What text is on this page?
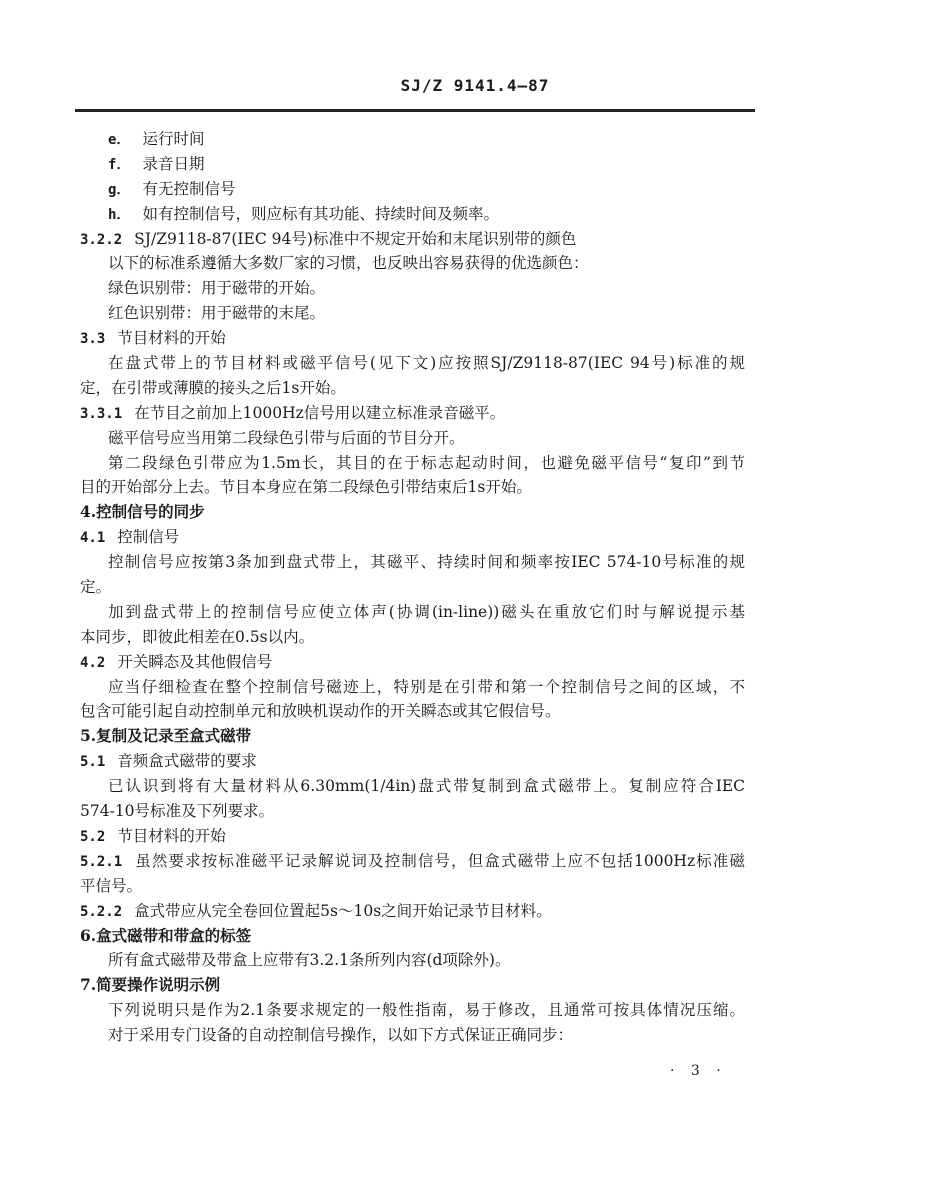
SJ/Z 9141.4—87
e． 运行时间
f． 录音日期
g． 有无控制信号
h． 如有控制信号，则应标有其功能、持续时间及频率。
3.2.2 SJ/Z9118-87(IEC 94号)标准中不规定开始和末尾识别带的颜色
以下的标准系遵循大多数厂家的习惯，也反映出容易获得的优选颜色：
绿色识别带：用于磁带的开始。
红色识别带：用于磁带的末尾。
3.3 节目材料的开始
在盘式带上的节目材料或磁平信号(见下文)应按照SJ/Z9118-87(IEC 94号)标准的规
定，在引带或薄膜的接头之后1s开始。
3.3.1 在节目之前加上1000Hz信号用以建立标准录音磁平。
磁平信号应当用第二段绿色引带与后面的节目分开。
第二段绿色引带应为1.5m长，其目的在于标志起动时间，也避免磁平信号“复印”到节
目的开始部分上去。节目本身应在第二段绿色引带结束后1s开始。
4.控制信号的同步
4.1 控制信号
控制信号应按第3条加到盘式带上，其磁平、持续时间和频率按IEC 574-10号标准的规
定。
加到盘式带上的控制信号应使立体声(协调(in-line))磁头在重放它们时与解说提示基
本同步，即彼此相差在0.5s以内。
4.2 开关瞬态及其他假信号
应当仔细检查在整个控制信号磁迹上，特别是在引带和第一个控制信号之间的区域，不
包含可能引起自动控制单元和放映机误动作的开关瞬态或其它假信号。
5.复制及记录至盒式磁带
5.1 音频盒式磁带的要求
已认识到将有大量材料从6.30mm(1/4in)盘式带复制到盒式磁带上。复制应符合IEC
574-10号标准及下列要求。
5.2 节目材料的开始
5.2.1 虽然要求按标准磁平记录解说词及控制信号，但盒式磁带上应不包括1000Hz标准磁
平信号。
5.2.2 盒式带应从完全卷回位置起5s～10s之间开始记录节目材料。
6.盒式磁带和带盒的标签
所有盒式磁带及带盒上应带有3.2.1条所列内容(d项除外)。
7.简要操作说明示例
下列说明只是作为2.1条要求规定的一般性指南，易于修改，且通常可按具体情况压缩。
对于采用专门设备的自动控制信号操作，以如下方式保证正确同步：
· 3 ·
